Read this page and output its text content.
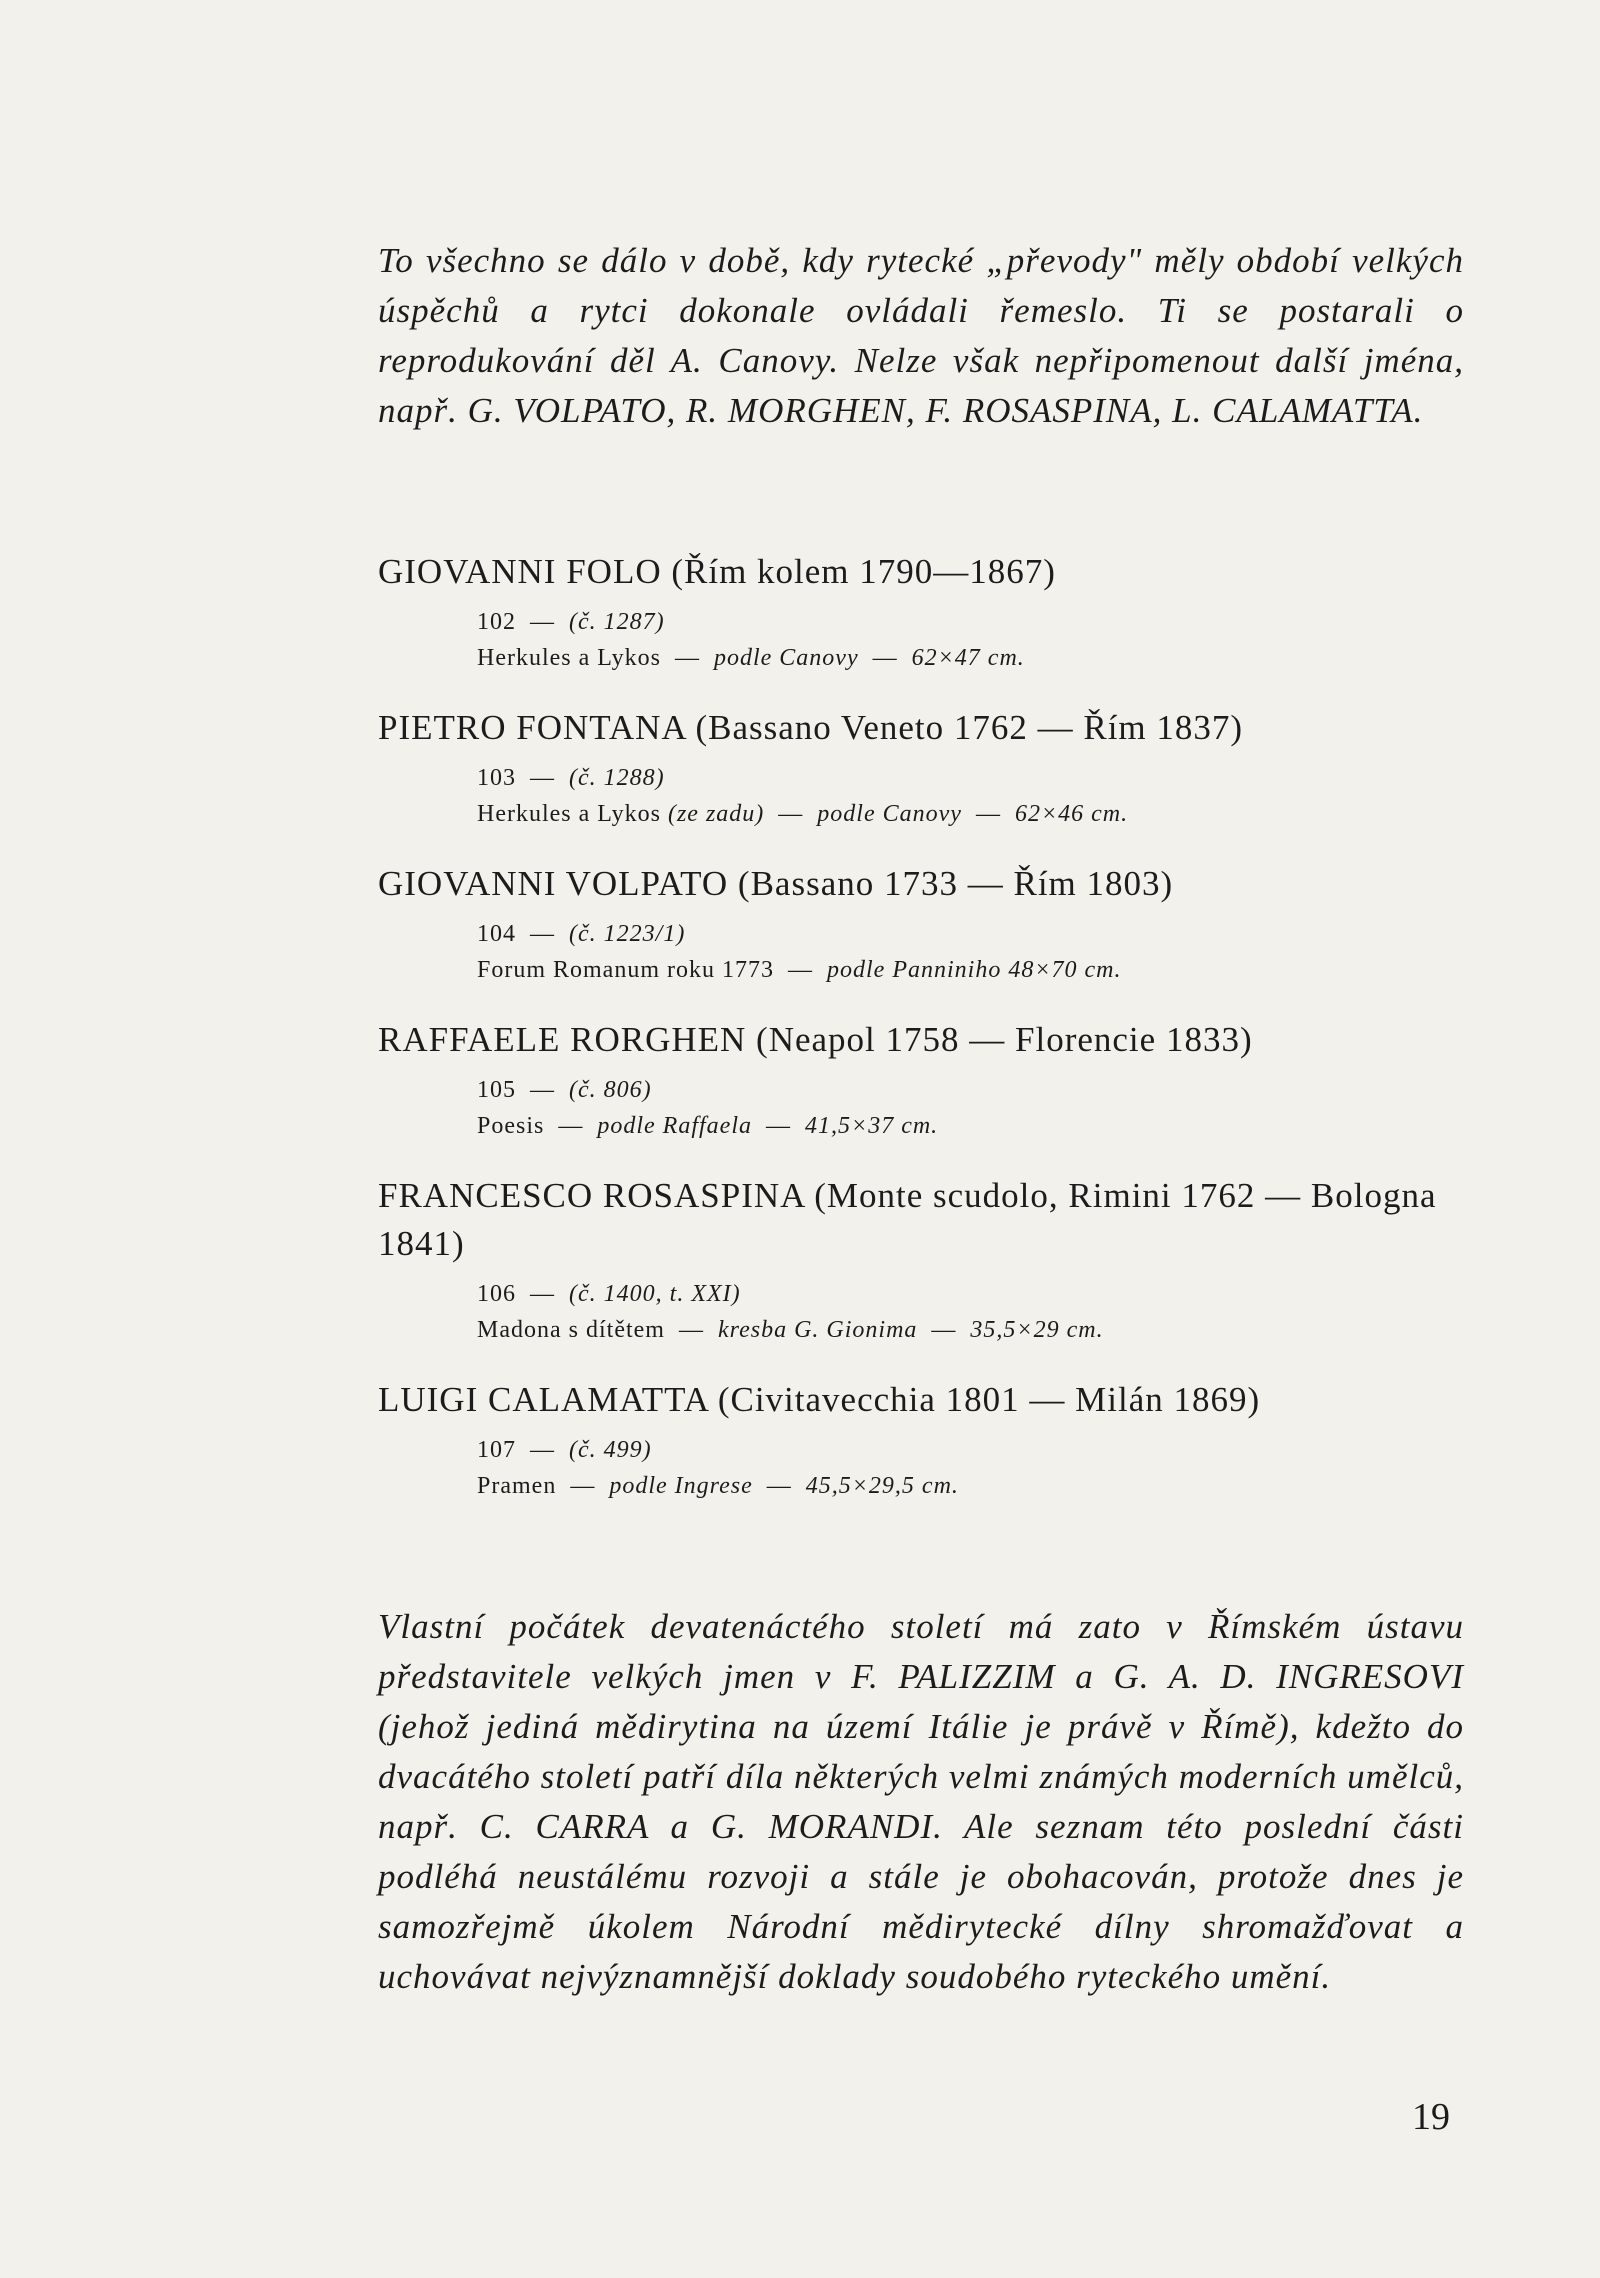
To všechno se dálo v době, kdy rytecké „převody" měly období velkých úspěchů a rytci dokonale ovládali řemeslo. Ti se postarali o reprodukování děl A. Canovy. Nelze však nepřipomenout další jména, např. G. VOLPATO, R. MORGHEN, F. ROSASPINA, L. CALAMATTA.

GIOVANNI FOLO (Řím kolem 1790—1867)

102 — (č. 1287)

Herkules a Lykos — podle Canovy — 62×47 cm.

PIETRO FONTANA (Bassano Veneto 1762 — Řím 1837)

103 — (č. 1288)

Herkules a Lykos (ze zadu) — podle Canovy — 62×46 cm.

GIOVANNI VOLPATO (Bassano 1733 — Řím 1803)

104 — (č. 1223/1)

Forum Romanum roku 1773 — podle Panniniho 48×70 cm.

RAFFAELE RORGHEN (Neapol 1758 — Florencie 1833)

105 — (č. 806)

Poesis — podle Raffaela — 41,5×37 cm.

FRANCESCO ROSASPINA (Monte scudolo, Rimini 1762 — Bologna 1841)

106 — (č. 1400, t. XXI)

Madona s dítětem — kresba G. Gionima — 35,5×29 cm.

LUIGI CALAMATTA (Civitavecchia 1801 — Milán 1869)

107 — (č. 499)

Pramen — podle Ingrese — 45,5×29,5 cm.

Vlastní počátek devatenáctého století má zato v Římském ústavu představitele velkých jmen v F. PALIZZIM a G. A. D. INGRESOVI (jehož jediná mědirytina na území Itálie je právě v Římě), kdežto do dvacátého století patří díla některých velmi známých moderních umělců, např. C. CARRA a G. MORANDI. Ale seznam této poslední části podléhá neustálému rozvoji a stále je obohacován, protože dnes je samozřejmě úkolem Národní mědirytecké dílny shromažďovat a uchovávat nejvýznamnější doklady soudobého ryteckého umění.

19
